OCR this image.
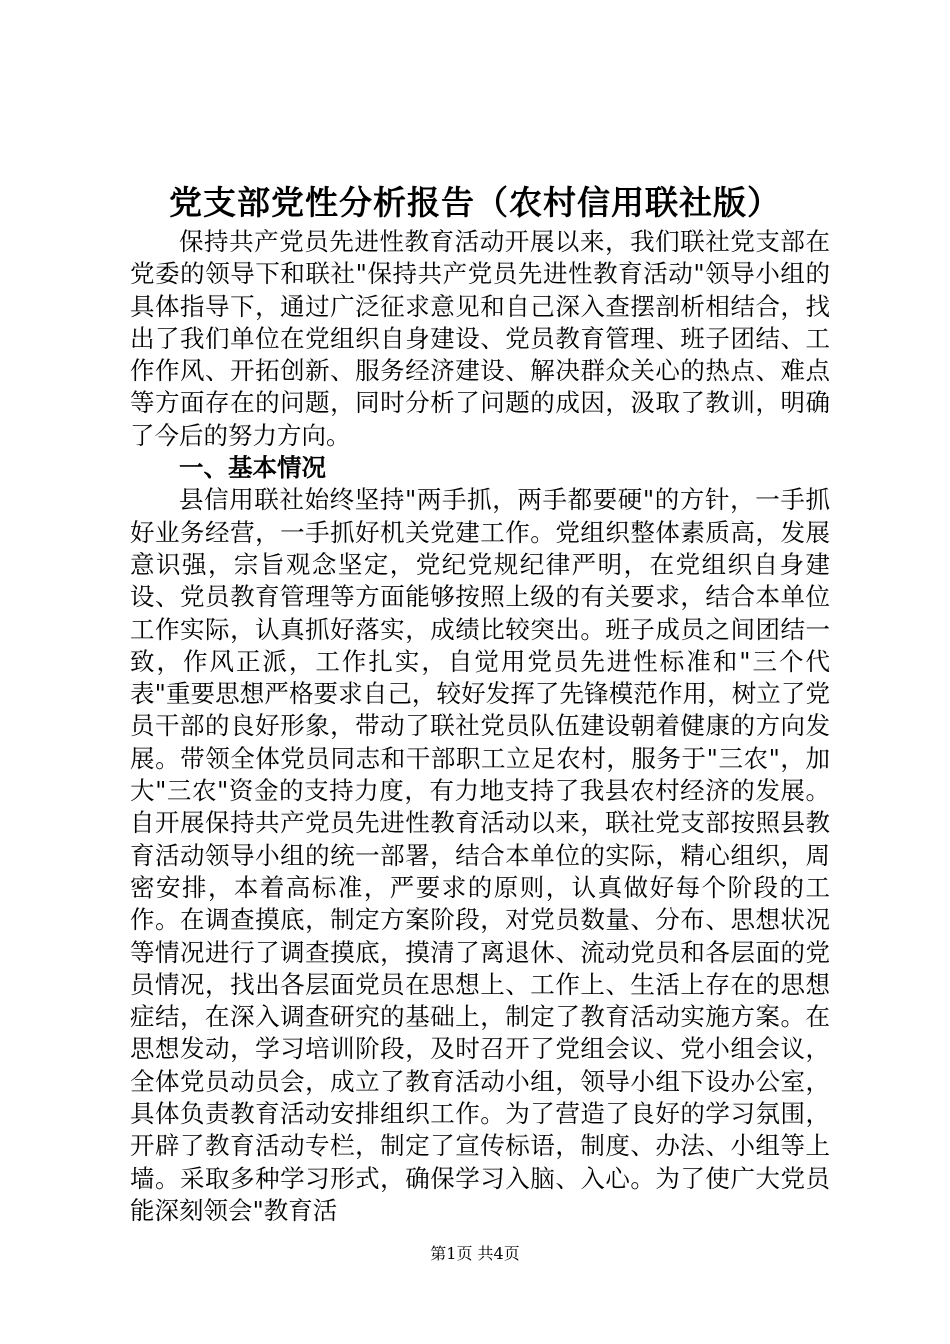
党支部党性分析报告（农村信用联社版）

保持共产党员先进性教育活动开展以来，我们联社党支部在党委的领导下和联社"保持共产党员先进性教育活动"领导小组的具体指导下，通过广泛征求意见和自己深入查摆剖析相结合，找出了我们单位在党组织自身建设、党员教育管理、班子团结、工作作风、开拓创新、服务经济建设、解决群众关心的热点、难点等方面存在的问题，同时分析了问题的成因，汲取了教训，明确了今后的努力方向。

一、基本情况

县信用联社始终坚持"两手抓，两手都要硬"的方针，一手抓好业务经营，一手抓好机关党建工作。党组织整体素质高，发展意识强，宗旨观念坚定，党纪党规纪律严明，在党组织自身建设、党员教育管理等方面能够按照上级的有关要求，结合本单位工作实际，认真抓好落实，成绩比较突出。班子成员之间团结一致，作风正派，工作扎实，自觉用党员先进性标准和"三个代表"重要思想严格要求自己，较好发挥了先锋模范作用，树立了党员干部的良好形象，带动了联社党员队伍建设朝着健康的方向发展。带领全体党员同志和干部职工立足农村，服务于"三农"，加大"三农"资金的支持力度，有力地支持了我县农村经济的发展。自开展保持共产党员先进性教育活动以来，联社党支部按照县教育活动领导小组的统一部署，结合本单位的实际，精心组织，周密安排，本着高标准，严要求的原则，认真做好每个阶段的工作。在调查摸底，制定方案阶段，对党员数量、分布、思想状况等情况进行了调查摸底，摸清了离退休、流动党员和各层面的党员情况，找出各层面党员在思想上、工作上、生活上存在的思想症结，在深入调查研究的基础上，制定了教育活动实施方案。在思想发动，学习培训阶段，及时召开了党组会议、党小组会议，全体党员动员会，成立了教育活动小组，领导小组下设办公室，具体负责教育活动安排组织工作。为了营造了良好的学习氛围，开辟了教育活动专栏，制定了宣传标语，制度、办法、小组等上墙。采取多种学习形式，确保学习入脑、入心。为了使广大党员能深刻领会"教育活

第1页 共4页
